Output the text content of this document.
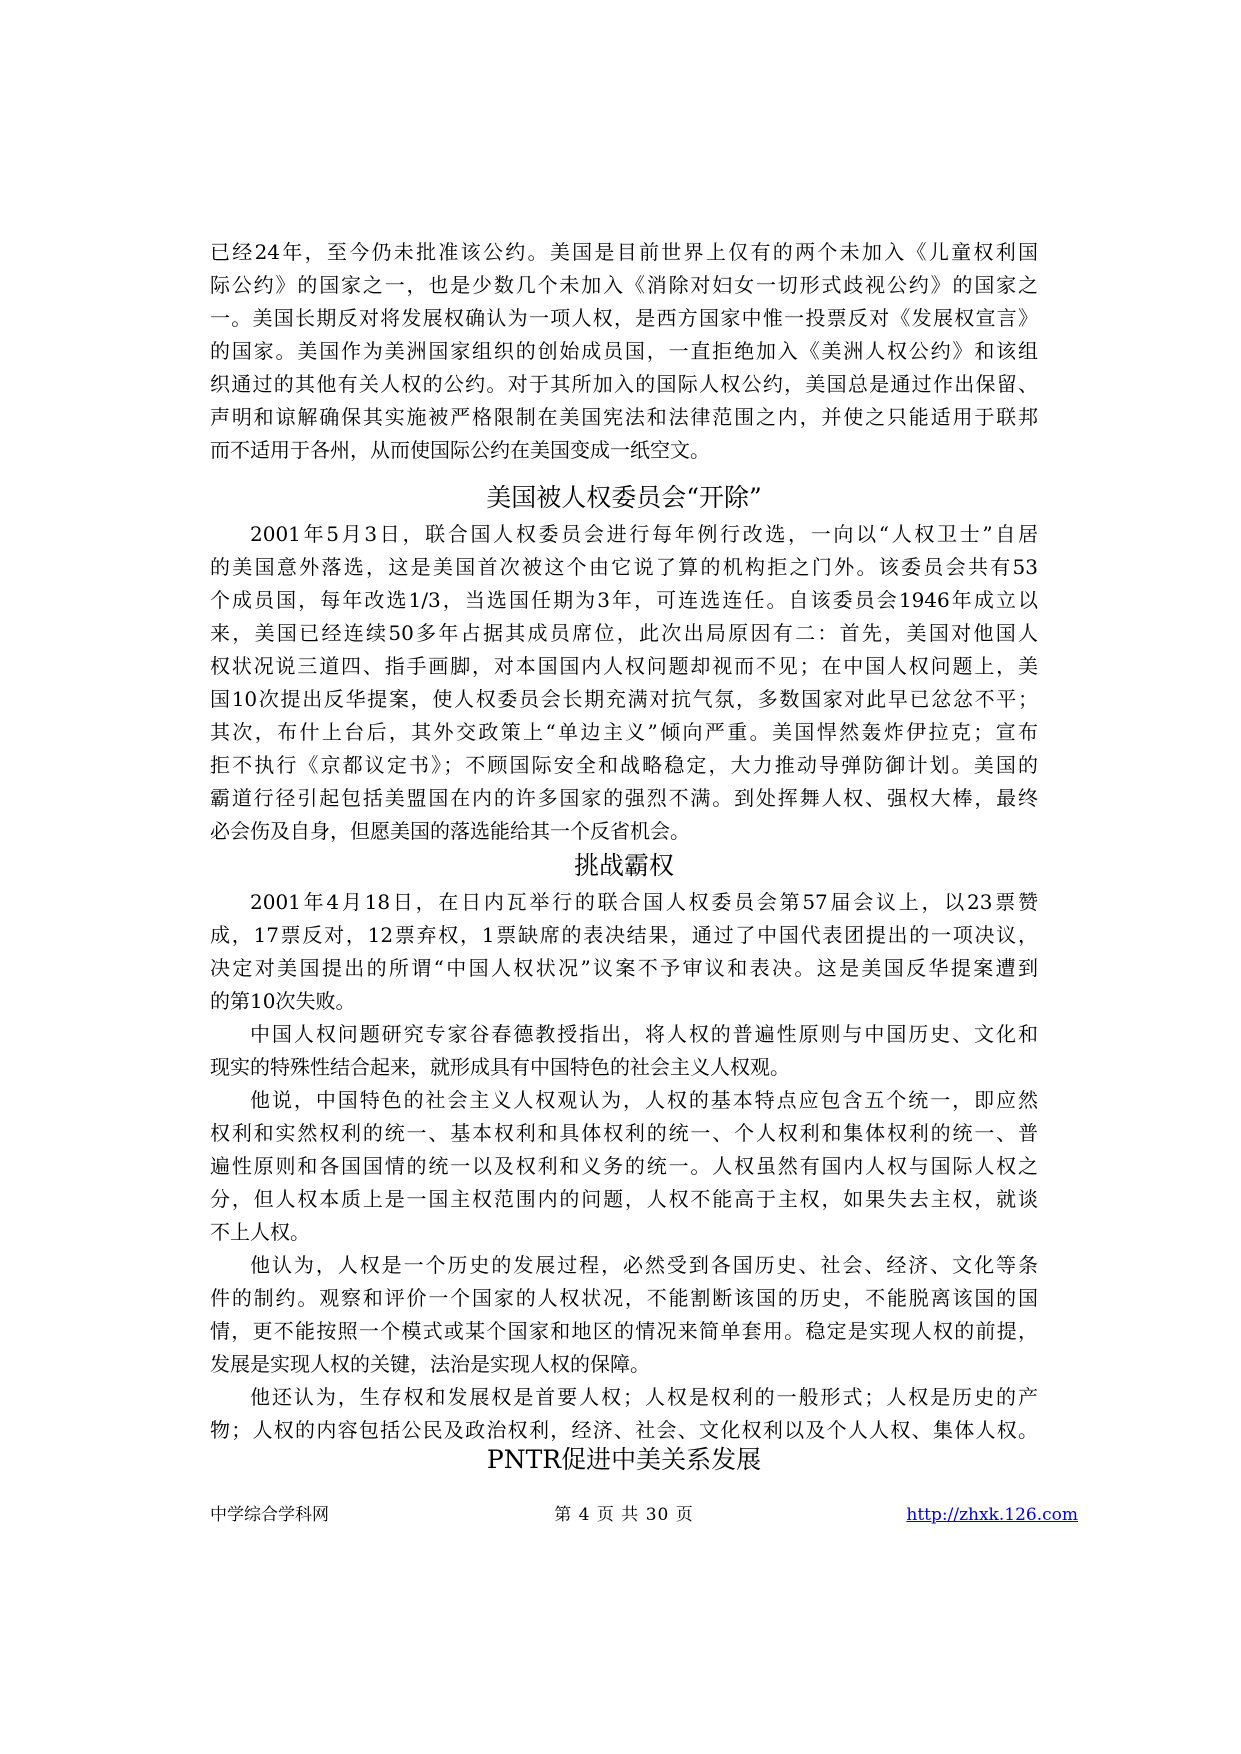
已经24年，至今仍未批准该公约。美国是目前世界上仅有的两个未加入《儿童权利国
际公约》的国家之一，也是少数几个未加入《消除对妇女一切形式歧视公约》的国家之
一。美国长期反对将发展权确认为一项人权，是西方国家中惟一投票反对《发展权宣言》
的国家。美国作为美洲国家组织的创始成员国，一直拒绝加入《美洲人权公约》和该组
织通过的其他有关人权的公约。对于其所加入的国际人权公约，美国总是通过作出保留、
声明和谅解确保其实施被严格限制在美国宪法和法律范围之内，并使之只能适用于联邦
而不适用于各州，从而使国际公约在美国变成一纸空文。
美国被人权委员会“开除”
2001年5月3日，联合国人权委员会进行每年例行改选，一向以“人权卫士”自居
的美国意外落选，这是美国首次被这个由它说了算的机构拒之门外。该委员会共有53
个成员国，每年改选1/3，当选国任期为3年，可连选连任。自该委员会1946年成立以
来，美国已经连续50多年占据其成员席位，此次出局原因有二：首先，美国对他国人
权状况说三道四、指手画脚，对本国国内人权问题却视而不见；在中国人权问题上，美
国10次提出反华提案，使人权委员会长期充满对抗气氛，多数国家对此早已忿忿不平；
其次，布什上台后，其外交政策上“单边主义”倾向严重。美国悍然轰炸伊拉克；宣布
拒不执行《京都议定书》；不顾国际安全和战略稳定，大力推动导弹防御计划。美国的
霸道行径引起包括美盟国在内的许多国家的强烈不满。到处挥舞人权、强权大棒，最终
必会伤及自身，但愿美国的落选能给其一个反省机会。
挑战霸权
2001年4月18日，在日内瓦举行的联合国人权委员会第57届会议上，以23票赞
成，17票反对，12票弃权，1票缺席的表决结果，通过了中国代表团提出的一项决议，
决定对美国提出的所谓“中国人权状况”议案不予审议和表决。这是美国反华提案遭到
的第10次失败。
中国人权问题研究专家谷春德教授指出，将人权的普遍性原则与中国历史、文化和
现实的特殊性结合起来，就形成具有中国特色的社会主义人权观。
他说，中国特色的社会主义人权观认为，人权的基本特点应包含五个统一，即应然
权利和实然权利的统一、基本权利和具体权利的统一、个人权利和集体权利的统一、普
遍性原则和各国国情的统一以及权利和义务的统一。人权虽然有国内人权与国际人权之
分，但人权本质上是一国主权范围内的问题，人权不能高于主权，如果失去主权，就谈
不上人权。
他认为，人权是一个历史的发展过程，必然受到各国历史、社会、经济、文化等条
件的制约。观察和评价一个国家的人权状况，不能割断该国的历史，不能脱离该国的国
情，更不能按照一个模式或某个国家和地区的情况来简单套用。稳定是实现人权的前提，
发展是实现人权的关键，法治是实现人权的保障。
他还认为，生存权和发展权是首要人权；人权是权利的一般形式；人权是历史的产
物；人权的内容包括公民及政治权利，经济、社会、文化权利以及个人人权、集体人权。
PNTR促进中美关系发展
中学综合学科网	第 4 页 共 30 页	http://zhxk.126.com
